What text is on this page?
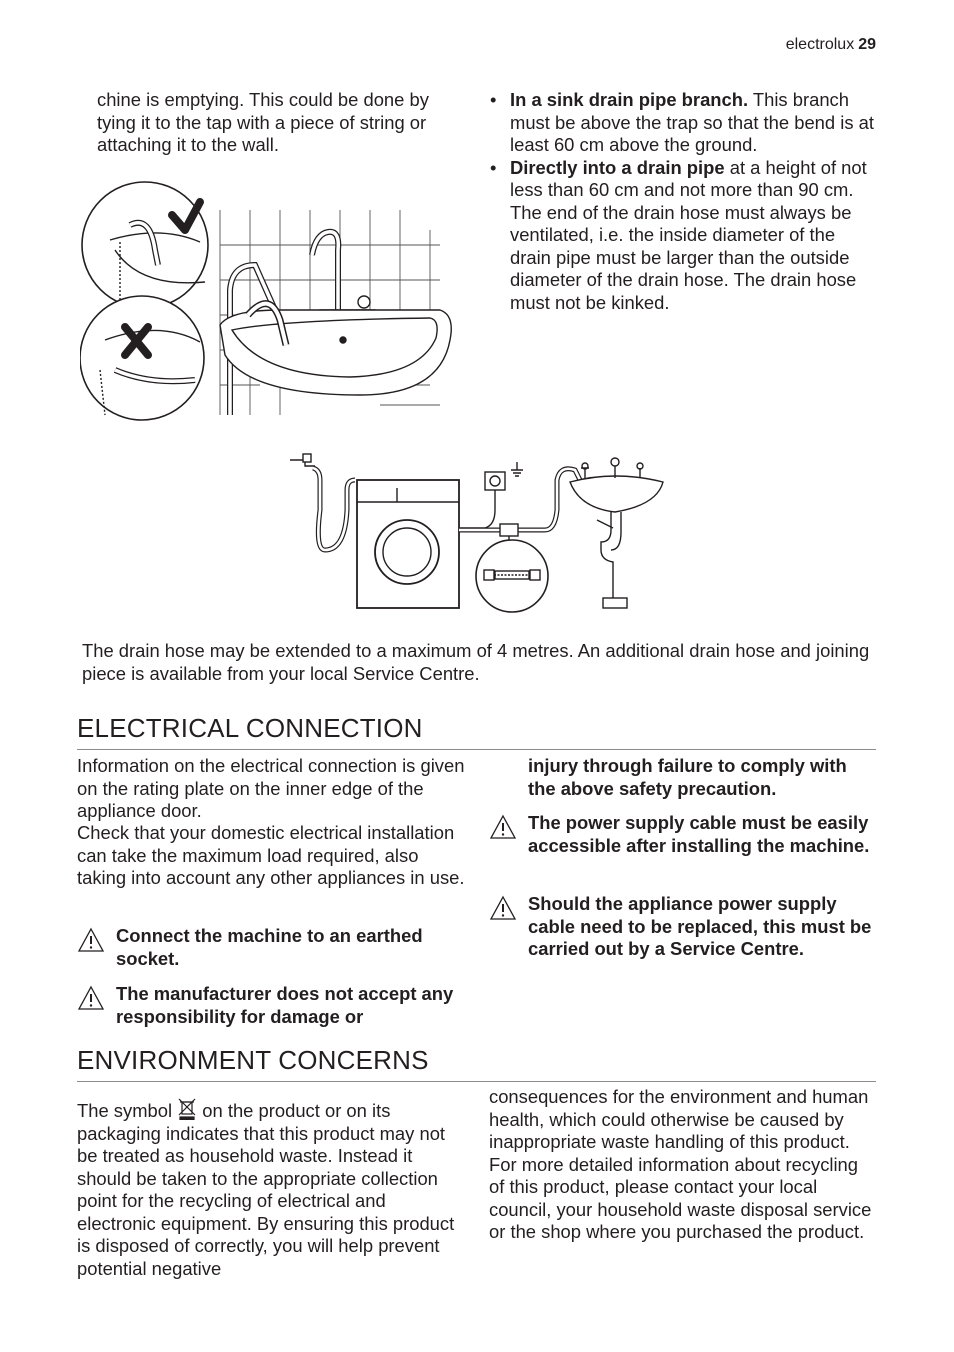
electrolux 29
chine is emptying. This could be done by tying it to the tap with a piece of string or attaching it to the wall.
• In a sink drain pipe branch. This branch must be above the trap so that the bend is at least 60 cm above the ground.
• Directly into a drain pipe at a height of not less than 60 cm and not more than 90 cm. The end of the drain hose must always be ventilated, i.e. the inside diameter of the drain pipe must be larger than the outside diameter of the drain hose. The drain hose must not be kinked.
The drain hose may be extended to a maximum of 4 metres. An additional drain hose and joining piece is available from your local Service Centre.
ELECTRICAL CONNECTION
Information on the electrical connection is given on the rating plate on the inner edge of the appliance door.
Check that your domestic electrical installation can take the maximum load required, also taking into account any other appliances in use.
Connect the machine to an earthed socket.
The manufacturer does not accept any responsibility for damage or
injury through failure to comply with the above safety precaution.
The power supply cable must be easily accessible after installing the machine.
Should the appliance power supply cable need to be replaced, this must be carried out by a Service Centre.
ENVIRONMENT CONCERNS
The symbol  on the product or on its packaging indicates that this product may not be treated as household waste. Instead it should be taken to the appropriate collection point for the recycling of electrical and electronic equipment. By ensuring this product is disposed of correctly, you will help prevent potential negative
consequences for the environment and human health, which could otherwise be caused by inappropriate waste handling of this product. For more detailed information about recycling of this product, please contact your local council, your household waste disposal service or the shop where you purchased the product.
